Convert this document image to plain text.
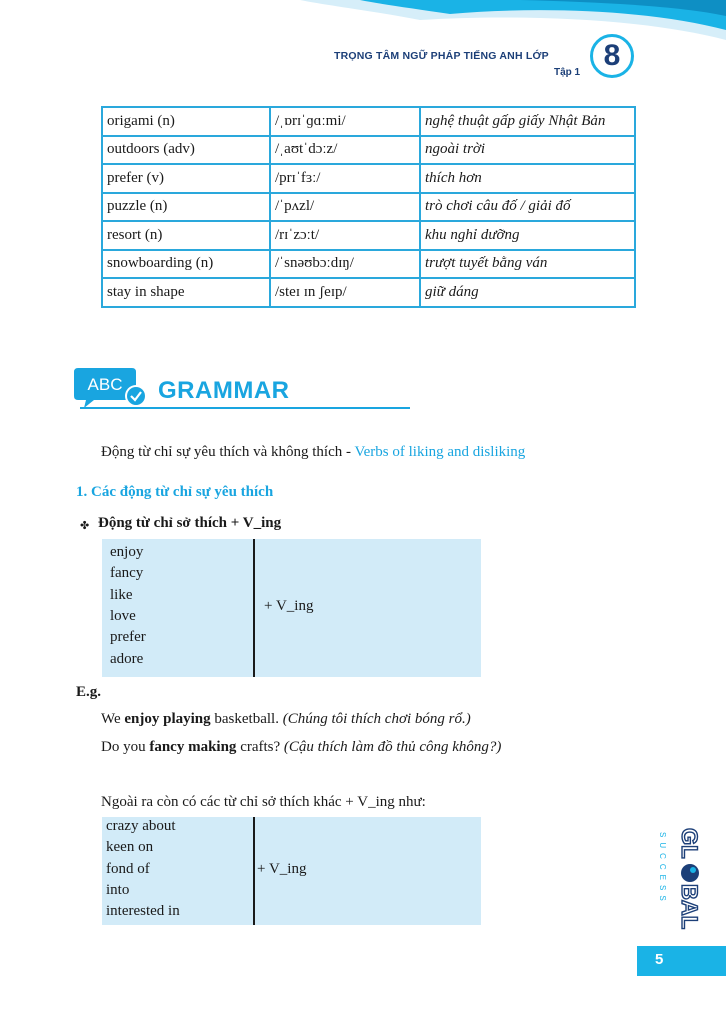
TRỌNG TÂM NGỮ PHÁP TIẾNG ANH LỚP
Tập 1
8
origami (n)	/ˌɒrɪˈɡɑːmi/	nghệ thuật gấp giấy Nhật Bản
outdoors (adv)	/ˌaʊtˈdɔːz/	ngoài trời
prefer (v)	/prɪˈfɜː/	thích hơn
puzzle (n)	/ˈpʌzl/	trò chơi câu đố / giải đố
resort (n)	/rɪˈzɔːt/	khu nghỉ dưỡng
snowboarding (n)	/ˈsnəʊbɔːdɪŋ/	trượt tuyết bằng ván
stay in shape	/steɪ ɪn ʃeɪp/	giữ dáng
ABC GRAMMAR
Động từ chỉ sự yêu thích và không thích - Verbs of liking and disliking
1. Các động từ chỉ sự yêu thích
✤ Động từ chỉ sở thích + V_ing
enjoy
fancy
like
love
prefer
adore
+ V_ing
E.g.
We enjoy playing basketball. (Chúng tôi thích chơi bóng rổ.)
Do you fancy making crafts? (Cậu thích làm đồ thủ công không?)
Ngoài ra còn có các từ chỉ sở thích khác + V_ing như:
crazy about
keen on
fond of
into
interested in
+ V_ing
GL
BAL
SUCCESS
5
